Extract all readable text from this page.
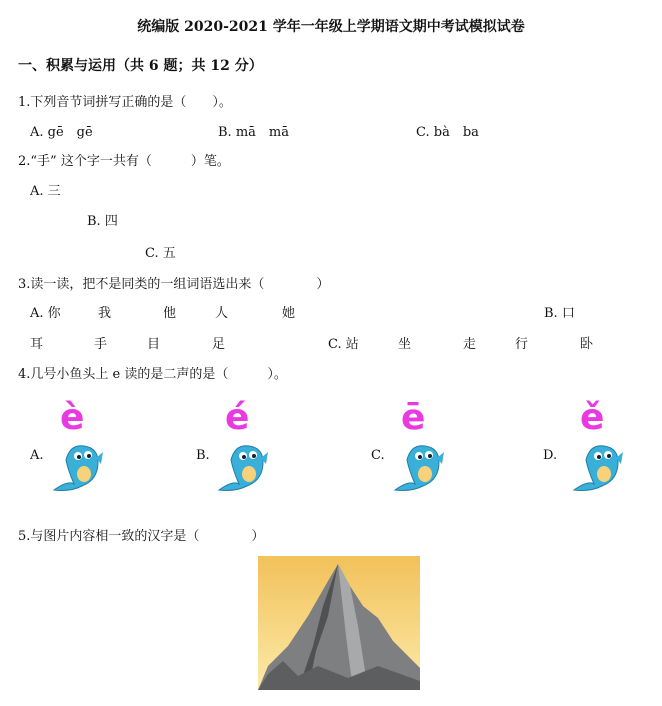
统编版 2020-2021 学年一年级上学期语文期中考试模拟试卷
一、积累与运用（共 6 题；共 12 分）
1.下列音节词拼写正确的是（　　）。
A. gē　gē	B. mā　mā	C. bà　ba
2.“手” 这个字一共有（　　　）笔。
A. 三
B. 四
C. 五
3.读一读，把不是同类的一组词语选出来（　　　　）
A. 你	我	他	人	她	B. 口
耳	手	目	足	C. 站	坐	走	行	卧
4.几号小鱼头上 e 读的是二声的是（　　　）。
è
A.
é
B.
ē
C.
ě
D.
5.与图片内容相一致的汉字是（　　　　）
